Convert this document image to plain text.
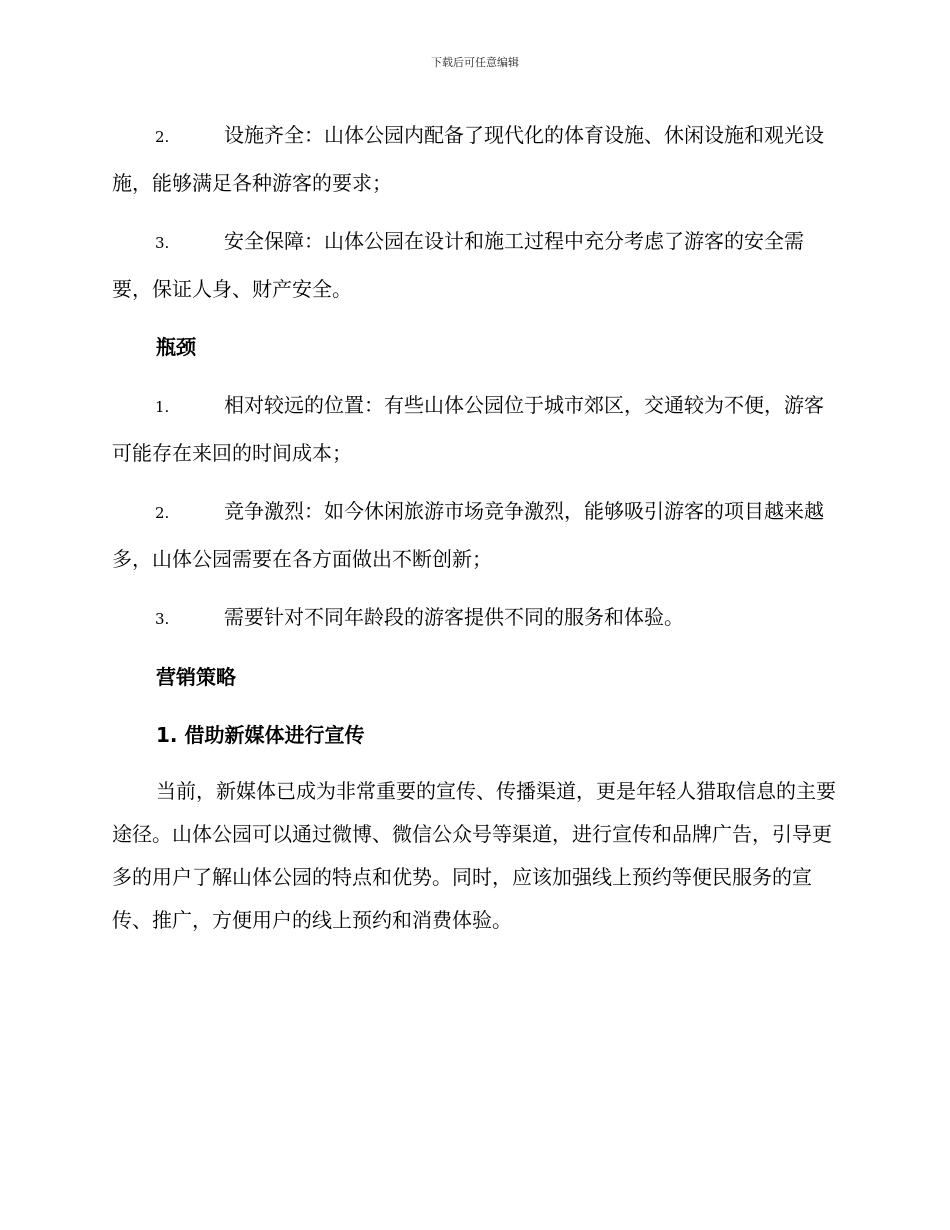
下载后可任意编辑

2.	设施齐全：山体公园内配备了现代化的体育设施、休闲设施和观光设施，能够满足各种游客的要求；

3.	安全保障：山体公园在设计和施工过程中充分考虑了游客的安全需要，保证人身、财产安全。

瓶颈

1.	相对较远的位置：有些山体公园位于城市郊区，交通较为不便，游客可能存在来回的时间成本；

2.	竞争激烈：如今休闲旅游市场竞争激烈，能够吸引游客的项目越来越多，山体公园需要在各方面做出不断创新；

3.	需要针对不同年龄段的游客提供不同的服务和体验。

营销策略

1. 借助新媒体进行宣传

当前，新媒体已成为非常重要的宣传、传播渠道，更是年轻人猎取信息的主要途径。山体公园可以通过微博、微信公众号等渠道，进行宣传和品牌广告，引导更多的用户了解山体公园的特点和优势。同时，应该加强线上预约等便民服务的宣传、推广，方便用户的线上预约和消费体验。
